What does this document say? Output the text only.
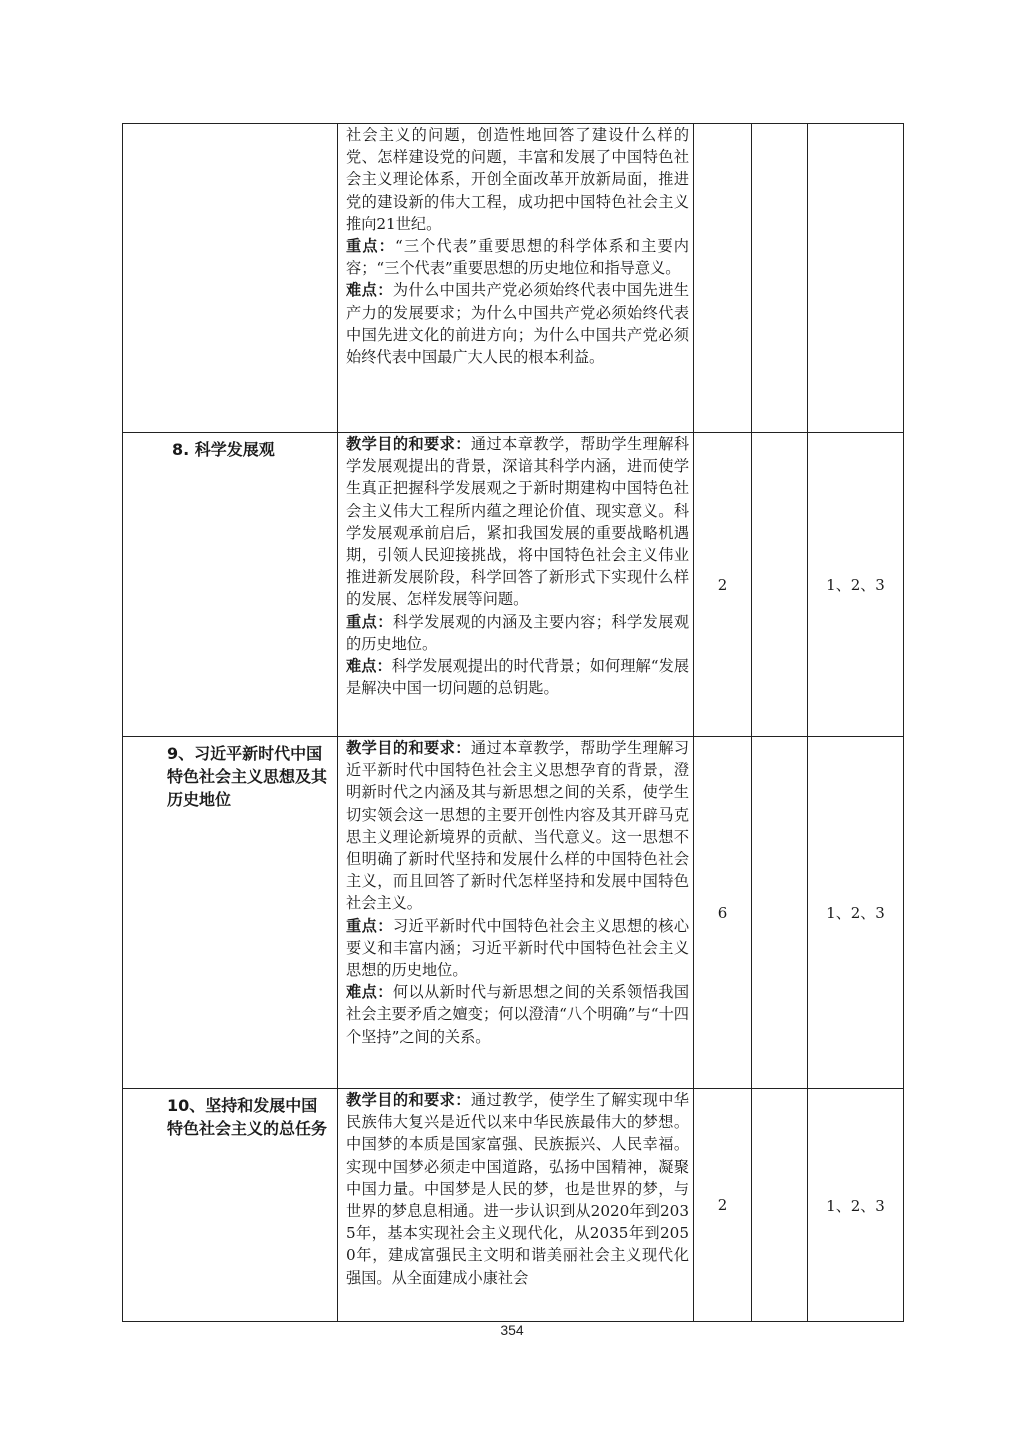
	社会主义的问题，创造性地回答了建设什么样的党、怎样建设党的问题，丰富和发展了中国特色社会主义理论体系，开创全面改革开放新局面，推进党的建设新的伟大工程，成功把中国特色社会主义推向21世纪。

重点：“三个代表”重要思想的科学体系和主要内容；“三个代表”重要思想的历史地位和指导意义。

难点：为什么中国共产党必须始终代表中国先进生产力的发展要求；为什么中国共产党必须始终代表中国先进文化的前进方向；为什么中国共产党必须始终代表中国最广大人民的根本利益。			

8. 科学发展观	教学目的和要求：通过本章教学，帮助学生理解科学发展观提出的背景，深谙其科学内涵，进而使学生真正把握科学发展观之于新时期建构中国特色社会主义伟大工程所内蕴之理论价值、现实意义。科学发展观承前启后，紧扣我国发展的重要战略机遇期，引领人民迎接挑战，将中国特色社会主义伟业推进新发展阶段，科学回答了新形式下实现什么样的发展、怎样发展等问题。

重点：科学发展观的内涵及主要内容；科学发展观的历史地位。

难点：科学发展观提出的时代背景；如何理解“发展是解决中国一切问题的总钥匙。	2		1、2、3

9、习近平新时代中国特色社会主义思想及其历史地位	教学目的和要求：通过本章教学，帮助学生理解习近平新时代中国特色社会主义思想孕育的背景，澄明新时代之内涵及其与新思想之间的关系，使学生切实领会这一思想的主要开创性内容及其开辟马克思主义理论新境界的贡献、当代意义。这一思想不但明确了新时代坚持和发展什么样的中国特色社会主义，而且回答了新时代怎样坚持和发展中国特色社会主义。

重点：习近平新时代中国特色社会主义思想的核心要义和丰富内涵；习近平新时代中国特色社会主义思想的历史地位。

难点：何以从新时代与新思想之间的关系领悟我国社会主要矛盾之嬗变；何以澄清“八个明确”与“十四个坚持”之间的关系。	6		1、2、3

10、坚持和发展中国特色社会主义的总任务	教学目的和要求：通过教学，使学生了解实现中华民族伟大复兴是近代以来中华民族最伟大的梦想。中国梦的本质是国家富强、民族振兴、人民幸福。实现中国梦必须走中国道路，弘扬中国精神，凝聚中国力量。中国梦是人民的梦，也是世界的梦，与世界的梦息息相通。进一步认识到从2020年到2035年，基本实现社会主义现代化，从2035年到2050年，建成富强民主文明和谐美丽社会主义现代化强国。从全面建成小康社会	2		1、2、3
354
